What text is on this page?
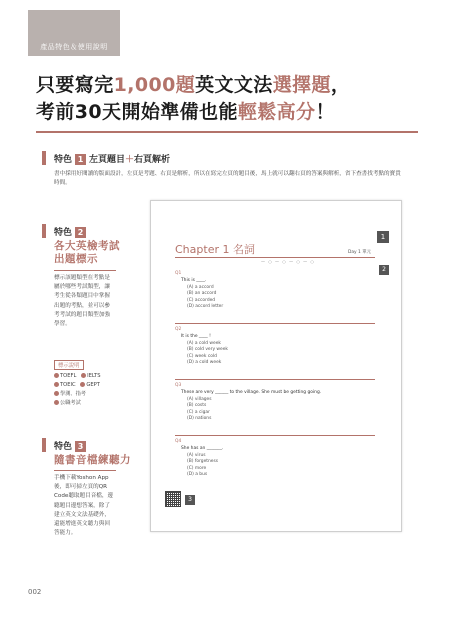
產品特色＆使用說明
只要寫完1,000題英文文法選擇題，
考前30天開始準備也能輕鬆高分！
特色 1 左頁題目＋右頁解析
書中採用好閱讀的版面設計，左頁是考題、右頁是解析，所以在寫完左頁的題目後，馬上就可以翻右頁的答案與解析，省下查書找考點的寶貴時間。
特色 2
各大英檢考試
出題標示
標示該題類型在考點是屬於哪些考試類型，讓考生從各類題目中掌握出題的考點，並可以參考考試的題目類型加強學習。
標示說明
TOEFL IELTS TOEIC GEPT 學測、指考 公職考試
特色 3
隨書音檔練聽力
手機下載Yoshon App後，即可掃左頁的QR Code聽取題目音檔，邊聽題目邊想答案，除了建立英文文法基礎外，還能增進英文聽力與回答能力。
Chapter 1 名詞
1
Day 1 單元
2
— ○ — ○ — ○ — ○
Q1
This is ____.
(A) a accord
(B) an accord
(C) accorded
(D) accord letter
Q2
It is the ____ !
(A) a cold week
(B) cold very week
(C) week cold
(D) a cold week
Q3
These are very ______ to the village. She must be getting going.
(A) villages
(B) costs
(C) a cigar
(D) nations
Q4
She has an _______.
(A) virus
(B) forgetness
(C) more
(D) a bus
3
002
